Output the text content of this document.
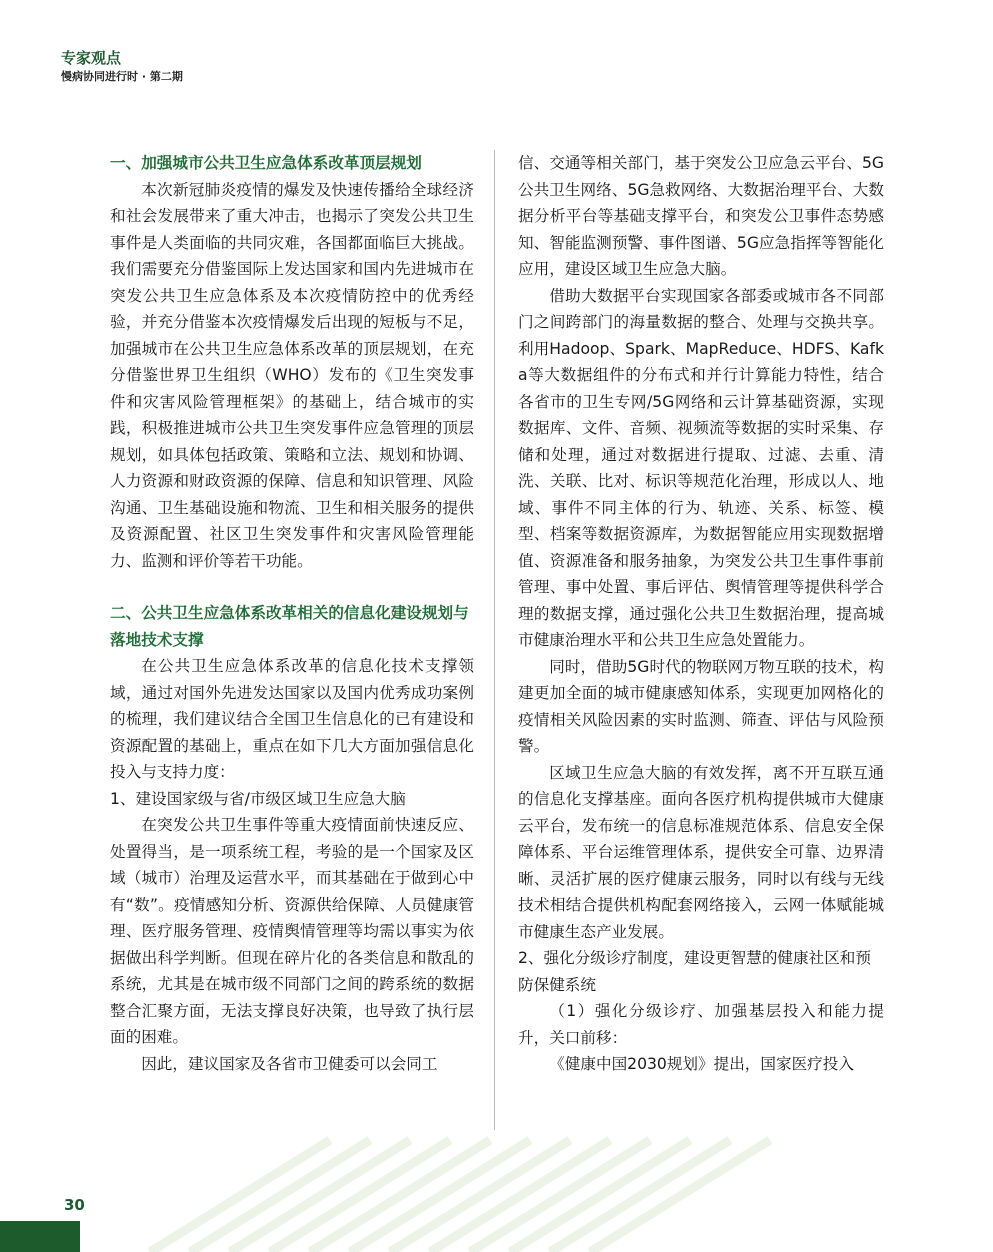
专家观点
慢病协同进行时 · 第二期
一、加强城市公共卫生应急体系改革顶层规划

本次新冠肺炎疫情的爆发及快速传播给全球经济和社会发展带来了重大冲击，也揭示了突发公共卫生事件是人类面临的共同灾难，各国都面临巨大挑战。我们需要充分借鉴国际上发达国家和国内先进城市在突发公共卫生应急体系及本次疫情防控中的优秀经验，并充分借鉴本次疫情爆发后出现的短板与不足，加强城市在公共卫生应急体系改革的顶层规划，在充分借鉴世界卫生组织（WHO）发布的《卫生突发事件和灾害风险管理框架》的基础上，结合城市的实践，积极推进城市公共卫生突发事件应急管理的顶层规划，如具体包括政策、策略和立法、规划和协调、人力资源和财政资源的保障、信息和知识管理、风险沟通、卫生基础设施和物流、卫生和相关服务的提供及资源配置、社区卫生突发事件和灾害风险管理能力、监测和评价等若干功能。

二、公共卫生应急体系改革相关的信息化建设规划与落地技术支撑

在公共卫生应急体系改革的信息化技术支撑领域，通过对国外先进发达国家以及国内优秀成功案例的梳理，我们建议结合全国卫生信息化的已有建设和资源配置的基础上，重点在如下几大方面加强信息化投入与支持力度：

1、建设国家级与省/市级区域卫生应急大脑

在突发公共卫生事件等重大疫情面前快速反应、处置得当，是一项系统工程，考验的是一个国家及区域（城市）治理及运营水平，而其基础在于做到心中有“数”。疫情感知分析、资源供给保障、人员健康管理、医疗服务管理、疫情舆情管理等均需以事实为依据做出科学判断。但现在碎片化的各类信息和散乱的系统，尤其是在城市级不同部门之间的跨系统的数据整合汇聚方面，无法支撑良好决策，也导致了执行层面的困难。

因此，建议国家及各省市卫健委可以会同工

信、交通等相关部门，基于突发公卫应急云平台、5G公共卫生网络、5G急救网络、大数据治理平台、大数据分析平台等基础支撑平台，和突发公卫事件态势感知、智能监测预警、事件图谱、5G应急指挥等智能化应用，建设区域卫生应急大脑。

借助大数据平台实现国家各部委或城市各不同部门之间跨部门的海量数据的整合、处理与交换共享。利用Hadoop、Spark、MapReduce、HDFS、Kafka等大数据组件的分布式和并行计算能力特性，结合各省市的卫生专网/5G网络和云计算基础资源，实现数据库、文件、音频、视频流等数据的实时采集、存储和处理，通过对数据进行提取、过滤、去重、清洗、关联、比对、标识等规范化治理，形成以人、地域、事件不同主体的行为、轨迹、关系、标签、模型、档案等数据资源库，为数据智能应用实现数据增值、资源准备和服务抽象，为突发公共卫生事件事前管理、事中处置、事后评估、舆情管理等提供科学合理的数据支撑，通过强化公共卫生数据治理，提高城市健康治理水平和公共卫生应急处置能力。

同时，借助5G时代的物联网万物互联的技术，构建更加全面的城市健康感知体系，实现更加网格化的疫情相关风险因素的实时监测、筛查、评估与风险预警。

区域卫生应急大脑的有效发挥，离不开互联互通的信息化支撑基座。面向各医疗机构提供城市大健康云平台，发布统一的信息标准规范体系、信息安全保障体系、平台运维管理体系，提供安全可靠、边界清晰、灵活扩展的医疗健康云服务，同时以有线与无线技术相结合提供机构配套网络接入，云网一体赋能城市健康生态产业发展。

2、强化分级诊疗制度，建设更智慧的健康社区和预防保健系统

（1）强化分级诊疗、加强基层投入和能力提升，关口前移：

《健康中国2030规划》提出，国家医疗投入

30
